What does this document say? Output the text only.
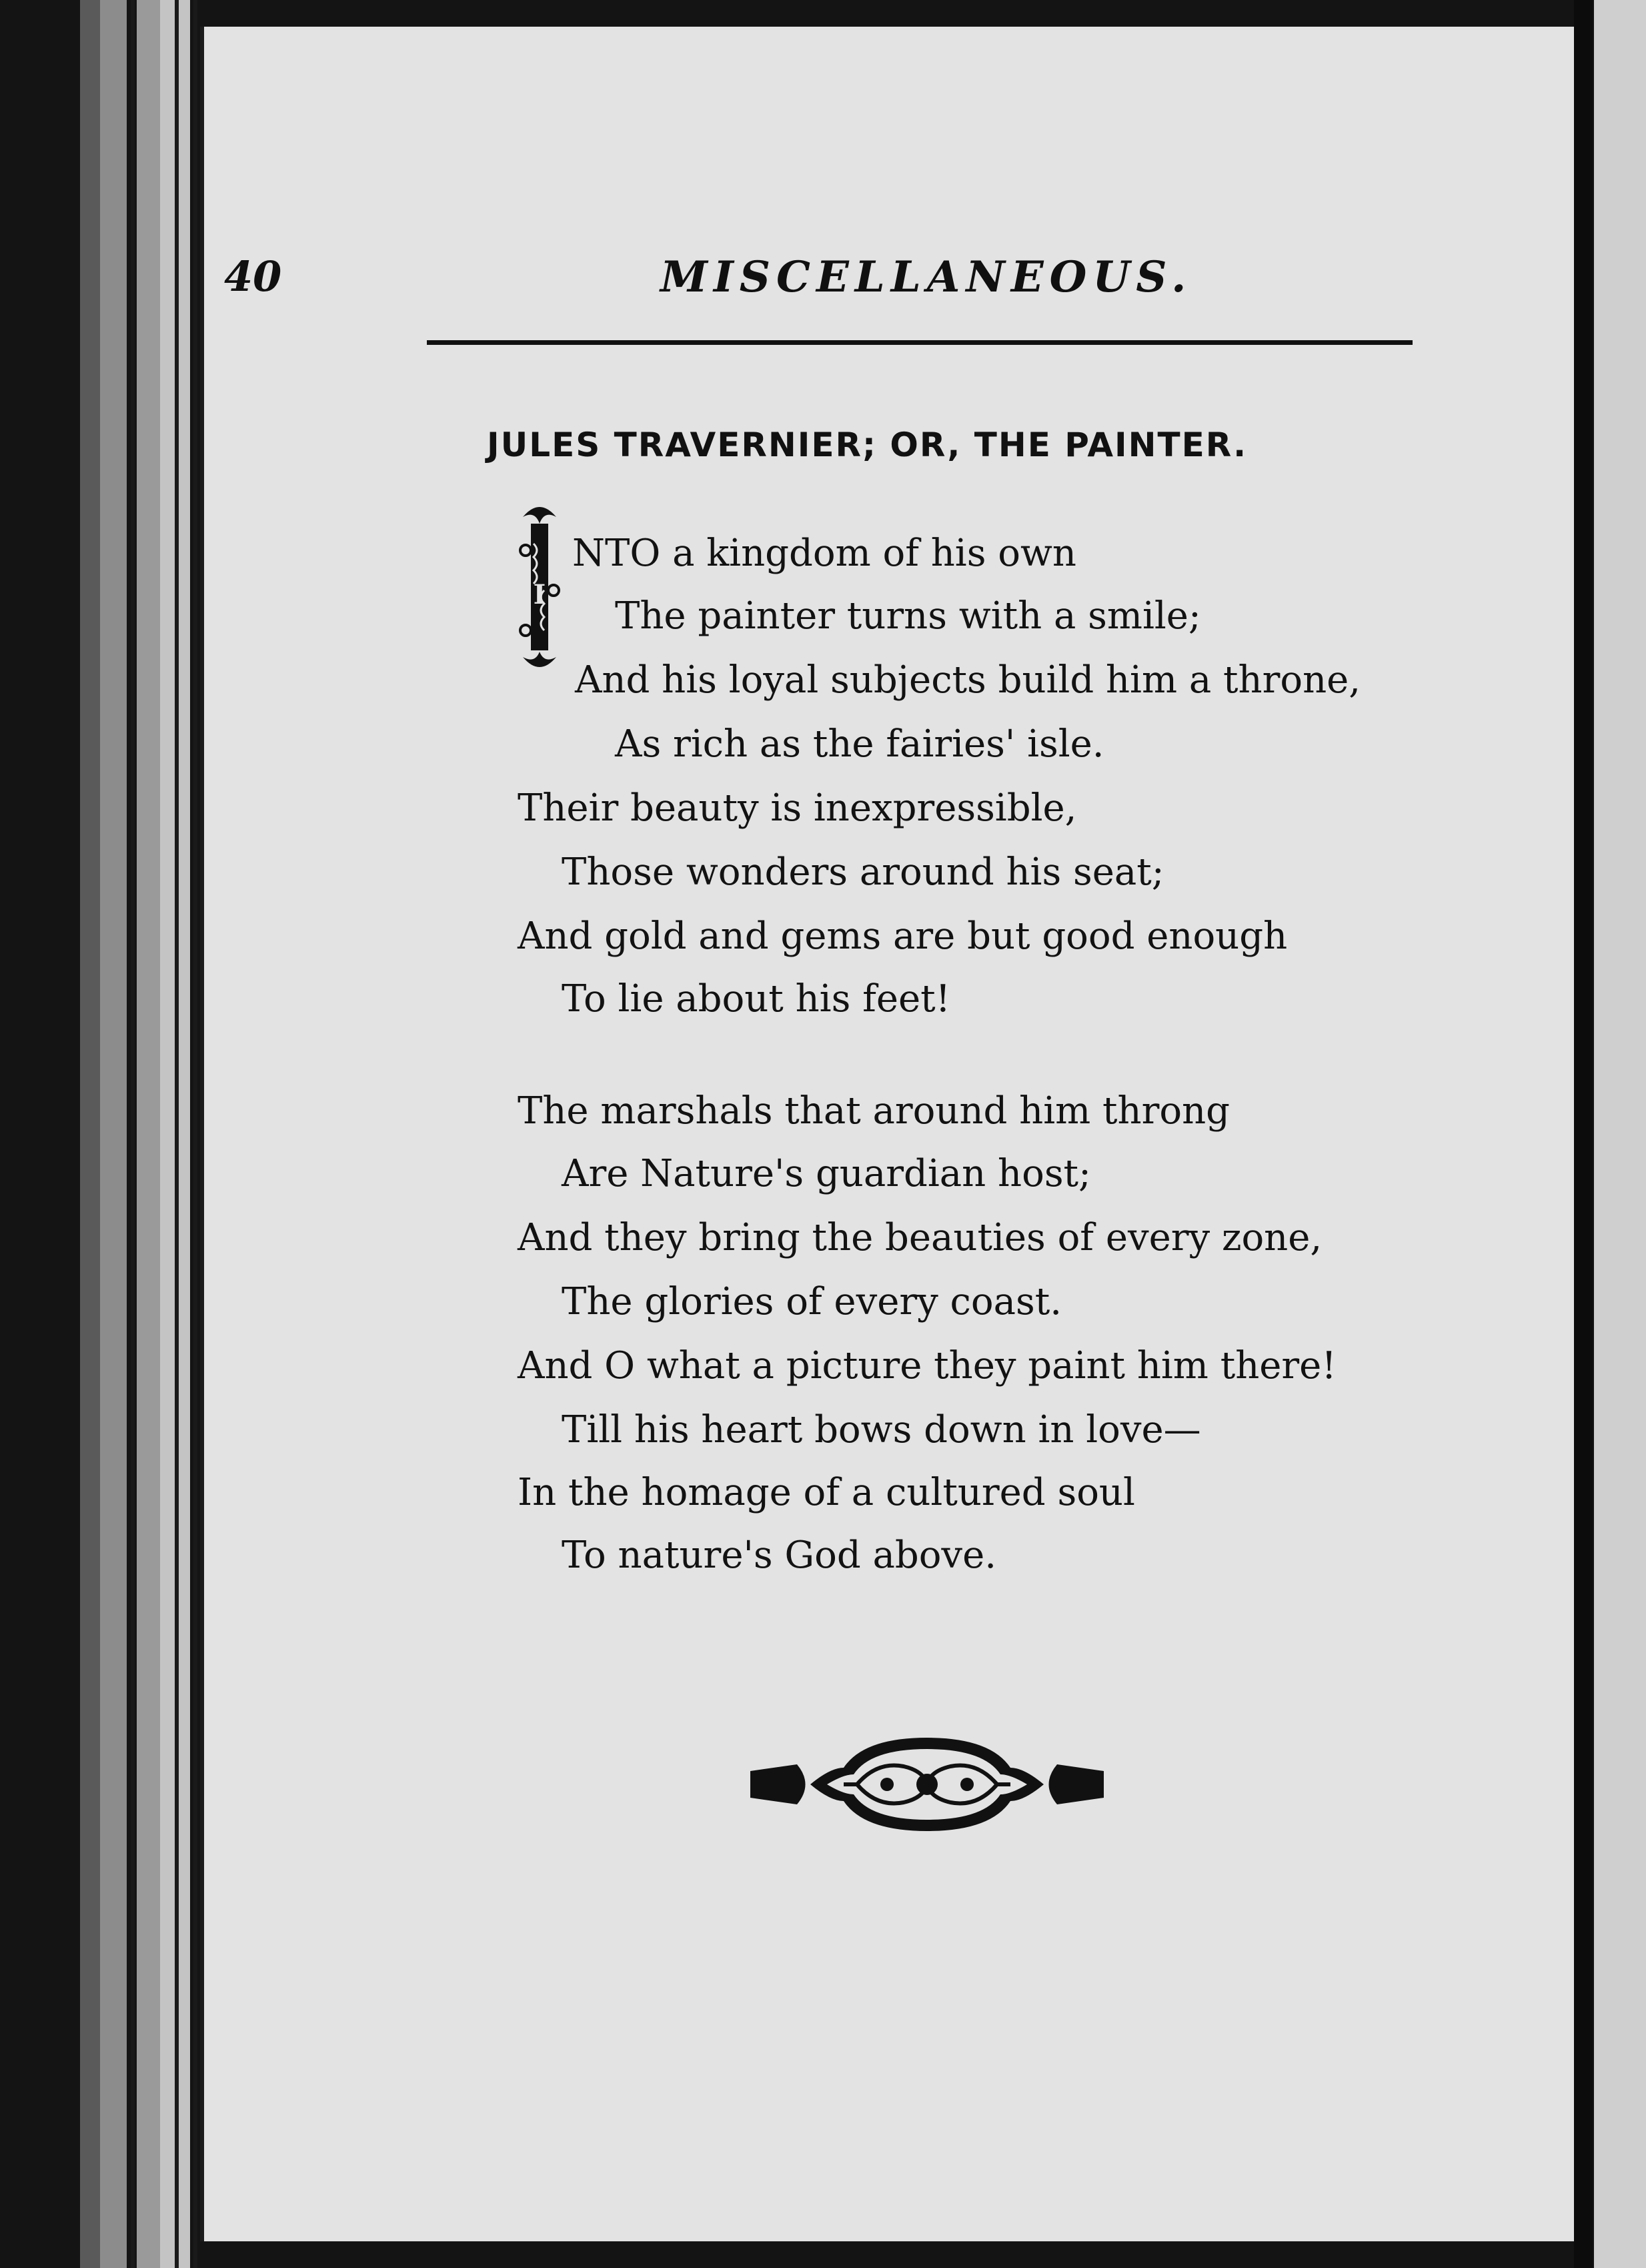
40	MISCELLANEOUS.
JULES TRAVERNIER; OR, THE PAINTER.
I
NTO a kingdom of his own
The painter turns with a smile;
And his loyal subjects build him a throne,
As rich as the fairies' isle.
Their beauty is inexpressible,
Those wonders around his seat;
And gold and gems are but good enough
To lie about his feet!
The marshals that around him throng
Are Nature's guardian host;
And they bring the beauties of every zone,
The glories of every coast.
And O what a picture they paint him there!
Till his heart bows down in love—
In the homage of a cultured soul
To nature's God above.
